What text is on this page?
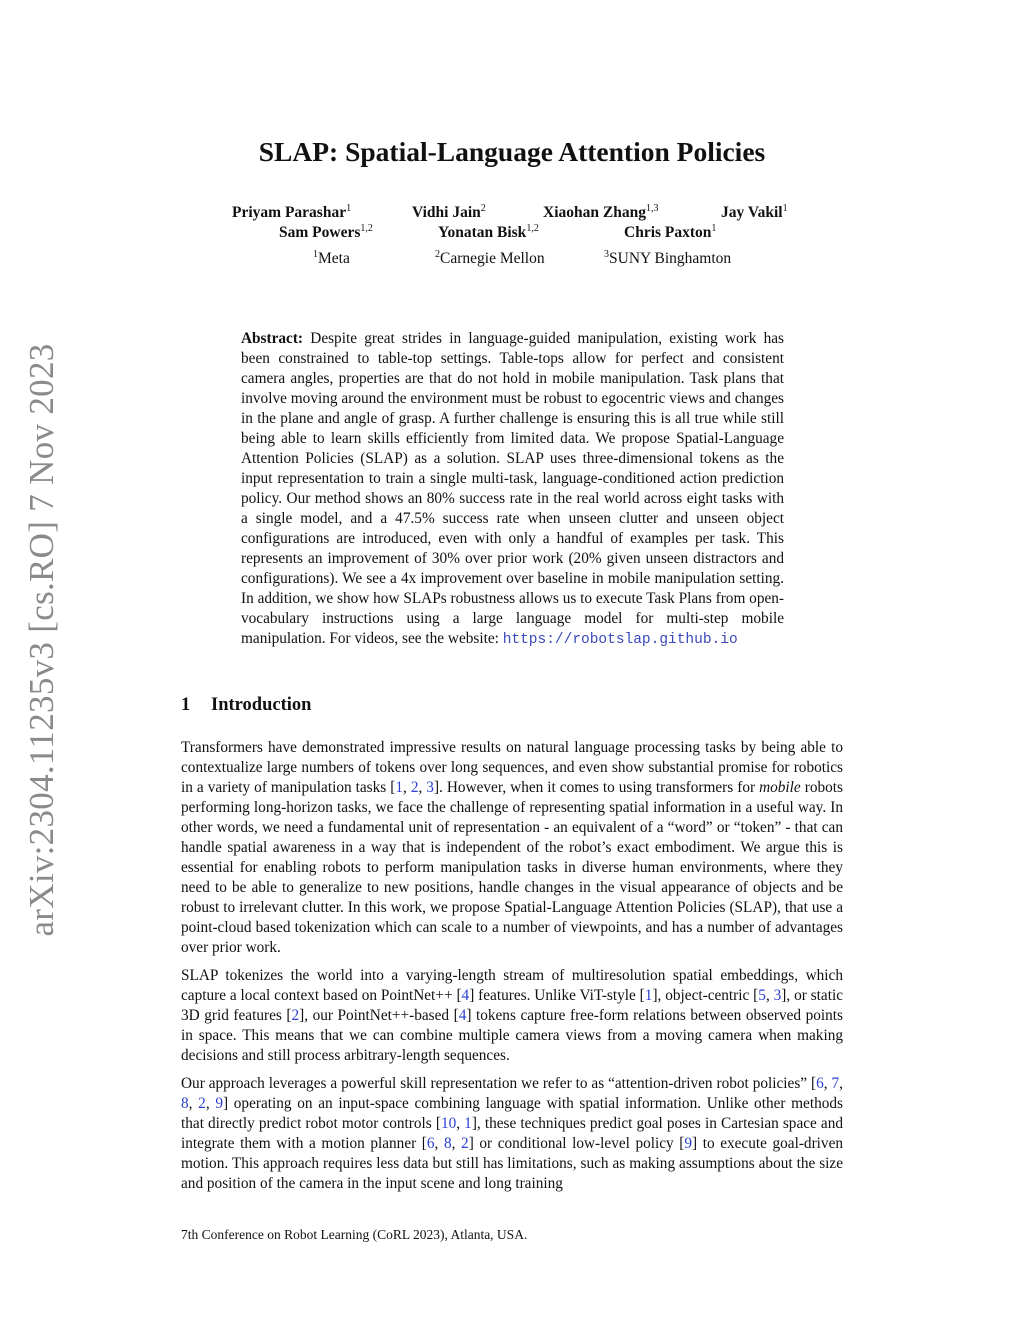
arXiv:2304.11235v3 [cs.RO] 7 Nov 2023
SLAP: Spatial-Language Attention Policies
Priyam Parashar$^1$	Vidhi Jain$^2$	Xiaohan Zhang$^{1,3}$	Jay Vakil$^1$
Sam Powers$^{1,2}$	Yonatan Bisk$^{1,2}$	Chris Paxton$^1$
$^1$Meta	$^2$Carnegie Mellon	$^3$SUNY Binghamton

Abstract: Despite great strides in language-guided manipulation, existing work has been constrained to table-top settings. Table-tops allow for perfect and consistent camera angles, properties are that do not hold in mobile manipulation. Task plans that involve moving around the environment must be robust to egocentric views and changes in the plane and angle of grasp. A further challenge is ensuring this is all true while still being able to learn skills efficiently from limited data. We propose Spatial-Language Attention Policies (SLAP) as a solution. SLAP uses three-dimensional tokens as the input representation to train a single multi-task, language-conditioned action prediction policy. Our method shows an 80% success rate in the real world across eight tasks with a single model, and a 47.5% success rate when unseen clutter and unseen object configurations are introduced, even with only a handful of examples per task. This represents an improvement of 30% over prior work (20% given unseen distractors and configurations). We see a 4x improvement over baseline in mobile manipulation setting. In addition, we show how SLAPs robustness allows us to execute Task Plans from open-vocabulary instructions using a large language model for multi-step mobile manipulation. For videos, see the website: https://robotslap.github.io

1 Introduction

Transformers have demonstrated impressive results on natural language processing tasks by being able to contextualize large numbers of tokens over long sequences, and even show substantial promise for robotics in a variety of manipulation tasks [1, 2, 3]. However, when it comes to using transformers for mobile robots performing long-horizon tasks, we face the challenge of representing spatial information in a useful way. In other words, we need a fundamental unit of representation - an equivalent of a “word” or “token” - that can handle spatial awareness in a way that is independent of the robot’s exact embodiment. We argue this is essential for enabling robots to perform manipulation tasks in diverse human environments, where they need to be able to generalize to new positions, handle changes in the visual appearance of objects and be robust to irrelevant clutter. In this work, we propose Spatial-Language Attention Policies (SLAP), that use a point-cloud based tokenization which can scale to a number of viewpoints, and has a number of advantages over prior work.

SLAP tokenizes the world into a varying-length stream of multiresolution spatial embeddings, which capture a local context based on PointNet++ [4] features. Unlike ViT-style [1], object-centric [5, 3], or static 3D grid features [2], our PointNet++-based [4] tokens capture free-form relations between observed points in space. This means that we can combine multiple camera views from a moving camera when making decisions and still process arbitrary-length sequences.

Our approach leverages a powerful skill representation we refer to as “attention-driven robot policies” [6, 7, 8, 2, 9] operating on an input-space combining language with spatial information. Unlike other methods that directly predict robot motor controls [10, 1], these techniques predict goal poses in Cartesian space and integrate them with a motion planner [6, 8, 2] or conditional low-level policy [9] to execute goal-driven motion. This approach requires less data but still has limitations, such as making assumptions about the size and position of the camera in the input scene and long training

7th Conference on Robot Learning (CoRL 2023), Atlanta, USA.
